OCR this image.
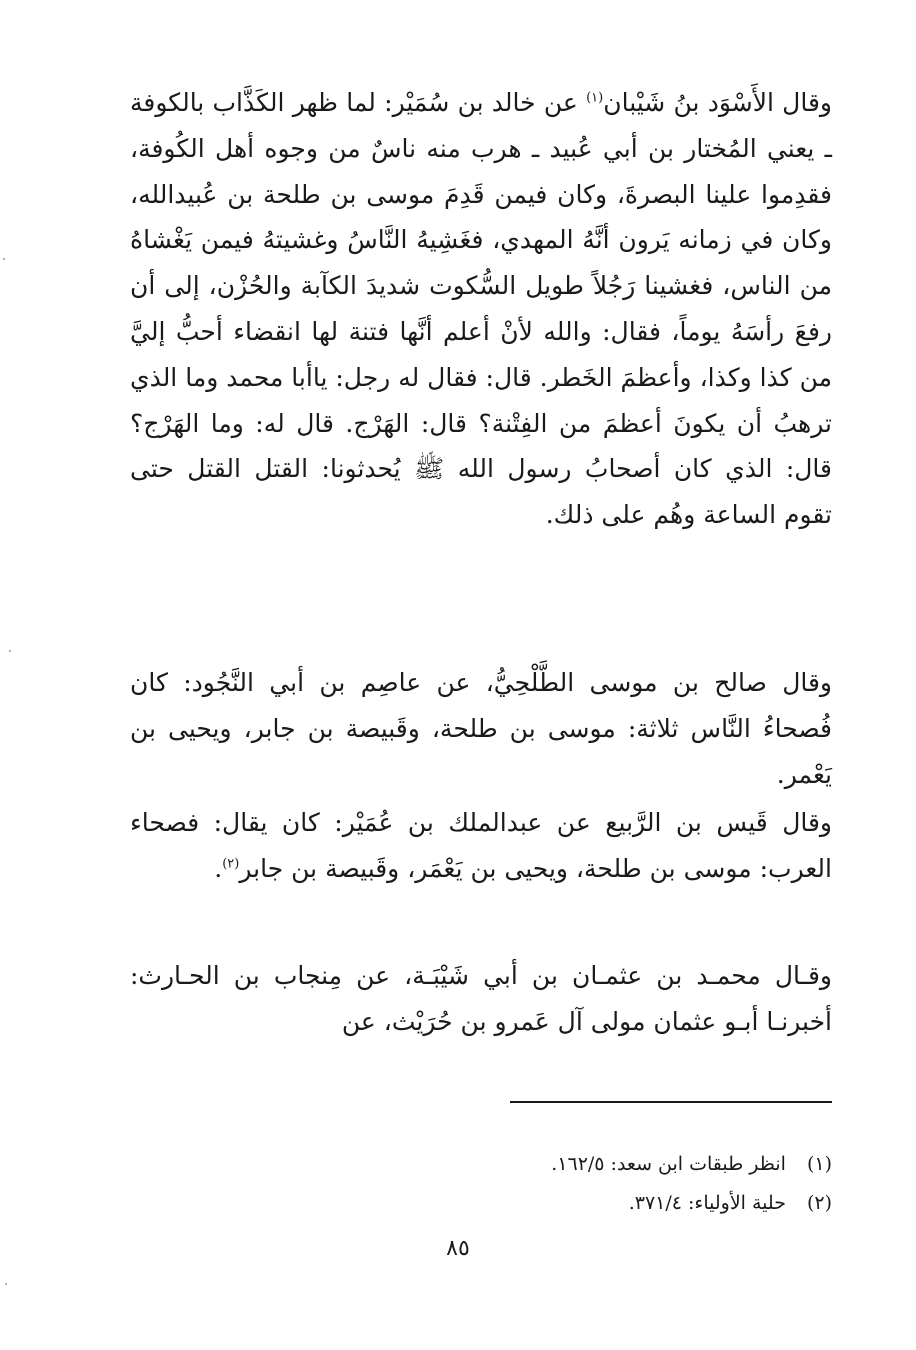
وقال الأَسْوَد بنُ شَيْبان$^{(١)}$ عن خالد بن سُمَيْر: لما ظهر الكَذَّاب بالكوفة ـ يعني المُختار بن أبي عُبيد ـ هرب منه ناسٌ من وجوه أهل الكُوفة، فقدِموا علينا البصرةَ، وكان فيمن قَدِمَ موسى بن طلحة بن عُبيدالله، وكان في زمانه يَرون أنَّهُ المهدي، فغَشِيهُ النَّاسُ وغشيتهُ فيمن يَغْشاهُ من الناس، فغشينا رَجُلاً طويل السُّكوت شديدَ الكآبة والحُزْن، إلى أن رفعَ رأسَهُ يوماً، فقال: والله لأنْ أعلم أنَّها فتنة لها انقضاء أحبُّ إليَّ من كذا وكذا، وأعظمَ الخَطر. قال: فقال له رجل: ياأبا محمد وما الذي ترهبُ أن يكونَ أعظمَ من الفِتْنة؟ قال: الهَرْج. قال له: وما الهَرْج؟ قال: الذي كان أصحابُ رسول الله ﷺ يُحدثونا: القتل القتل حتى تقوم الساعة وهُم على ذلك.

وقال صالح بن موسى الطَّلْحِيُّ، عن عاصِم بن أبي النَّجُود: كان فُصحاءُ النَّاس ثلاثة: موسى بن طلحة، وقَبيصة بن جابر، ويحيى بن يَعْمر.

وقال قَيس بن الرَّبيع عن عبدالملك بن عُمَيْر: كان يقال: فصحاء العرب: موسى بن طلحة، ويحيى بن يَعْمَر، وقَبيصة بن جابر$^{(٢)}$.

وقـال محمـد بن عثمـان بن أبي شَيْبَـة، عن مِنجاب بن الحـارث: أخبرنـا أبـو عثمان مولى آل عَمرو بن حُرَيْث، عن

(١) انظر طبقات ابن سعد: ١٦٢/٥.
(٢) حلية الأولياء: ٣٧١/٤.
٨٥
